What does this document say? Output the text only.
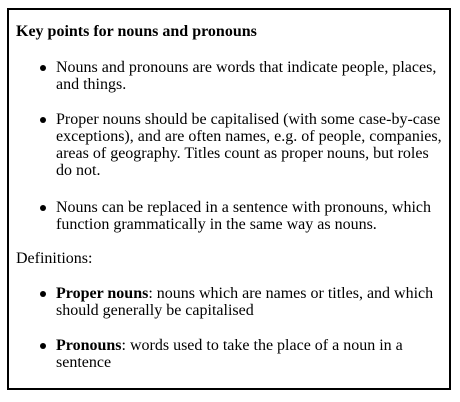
Key points for nouns and pronouns
Nouns and pronouns are words that indicate people, places, and things.
Proper nouns should be capitalised (with some case-by-case exceptions), and are often names, e.g. of people, companies, areas of geography. Titles count as proper nouns, but roles do not.
Nouns can be replaced in a sentence with pronouns, which function grammatically in the same way as nouns.

Definitions:

Proper nouns: nouns which are names or titles, and which should generally be capitalised
Pronouns: words used to take the place of a noun in a sentence
